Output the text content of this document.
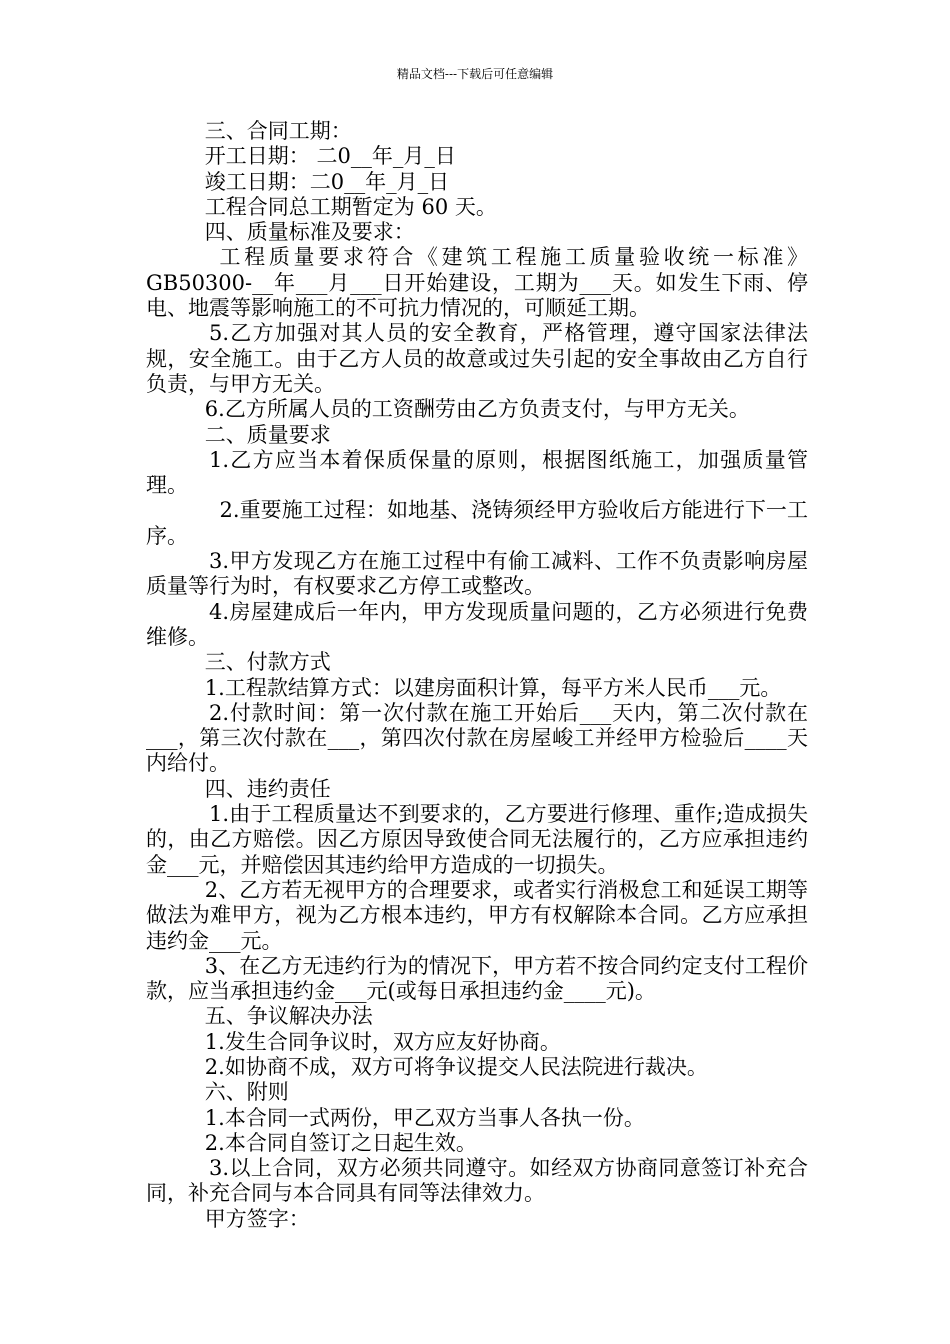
精品文档---下载后可任意编辑

三、合同工期：

开工日期： 二0__年_月_日

竣工日期：二0__年_月_日

工程合同总工期暂定为 60 天。

四、质量标准及要求：

工程质量要求符合《建筑工程施工质量验收统一标准》GB50300-__年___月___日开始建设，工期为___天。如发生下雨、停电、地震等影响施工的不可抗力情况的，可顺延工期。

5.乙方加强对其人员的安全教育，严格管理，遵守国家法律法规，安全施工。由于乙方人员的故意或过失引起的安全事故由乙方自行负责，与甲方无关。

6.乙方所属人员的工资酬劳由乙方负责支付，与甲方无关。

二、质量要求

1.乙方应当本着保质保量的原则，根据图纸施工，加强质量管理。

2.重要施工过程：如地基、浇铸须经甲方验收后方能进行下一工序。

3.甲方发现乙方在施工过程中有偷工减料、工作不负责影响房屋质量等行为时，有权要求乙方停工或整改。

4.房屋建成后一年内，甲方发现质量问题的，乙方必须进行免费维修。

三、付款方式

1.工程款结算方式：以建房面积计算，每平方米人民币___元。

2.付款时间：第一次付款在施工开始后___天内，第二次付款在___，第三次付款在___，第四次付款在房屋峻工并经甲方检验后____天内给付。

四、违约责任

1.由于工程质量达不到要求的，乙方要进行修理、重作;造成损失的，由乙方赔偿。因乙方原因导致使合同无法履行的，乙方应承担违约金___元，并赔偿因其违约给甲方造成的一切损失。

2、乙方若无视甲方的合理要求，或者实行消极怠工和延误工期等做法为难甲方，视为乙方根本违约，甲方有权解除本合同。乙方应承担违约金___元。

3、在乙方无违约行为的情况下，甲方若不按合同约定支付工程价款，应当承担违约金___元(或每日承担违约金____元)。

五、争议解决办法

1.发生合同争议时，双方应友好协商。

2.如协商不成，双方可将争议提交人民法院进行裁决。

六、附则

1.本合同一式两份，甲乙双方当事人各执一份。

2.本合同自签订之日起生效。

3.以上合同，双方必须共同遵守。如经双方协商同意签订补充合同，补充合同与本合同具有同等法律效力。

甲方签字：
